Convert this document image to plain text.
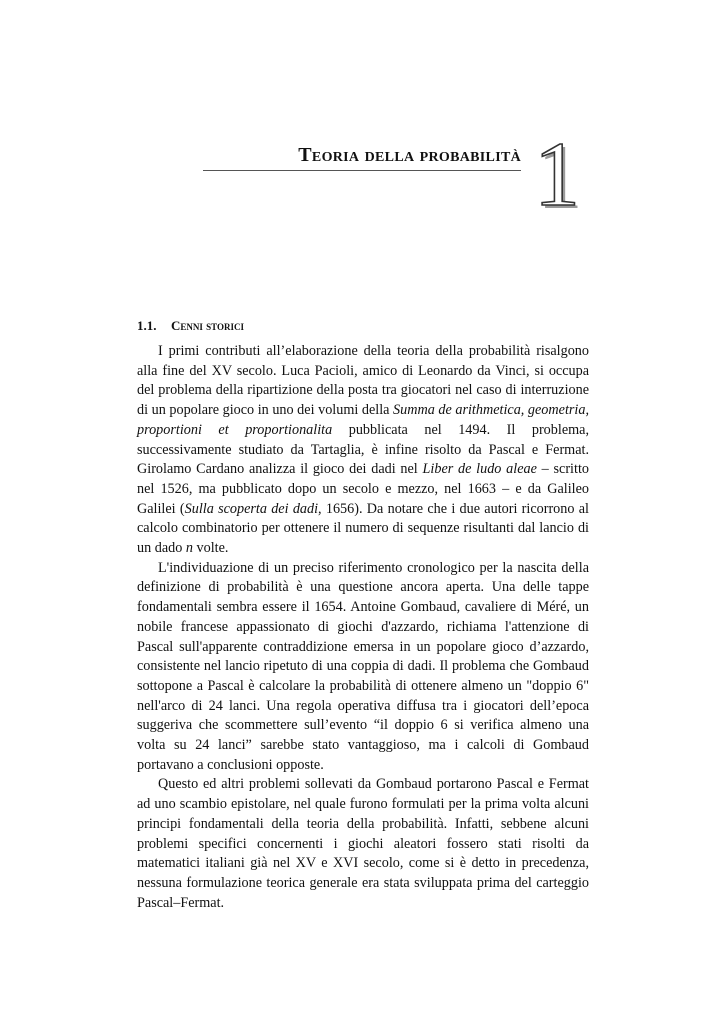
Teoria della probabilità 1
1.1. Cenni storici

I primi contributi all’elaborazione della teoria della probabilità risalgono alla fine del XV secolo. Luca Pacioli, amico di Leonardo da Vinci, si occupa del problema della ripartizione della posta tra giocatori nel caso di interruzione di un popolare gioco in uno dei volumi della Summa de arithmetica, geometria, proportioni et proportionalita pubblicata nel 1494. Il problema, successivamente studiato da Tartaglia, è infine risolto da Pascal e Fermat. Girolamo Cardano analizza il gioco dei dadi nel Liber de ludo aleae – scritto nel 1526, ma pubblicato dopo un secolo e mezzo, nel 1663 – e da Galileo Galilei (Sulla scoperta dei dadi, 1656). Da notare che i due autori ricorrono al calcolo combinatorio per ottenere il numero di sequenze risultanti dal lancio di un dado n volte.

L'individuazione di un preciso riferimento cronologico per la nascita della definizione di probabilità è una questione ancora aperta. Una delle tappe fondamentali sembra essere il 1654. Antoine Gombaud, cavaliere di Méré, un nobile francese appassionato di giochi d'azzardo, richiama l'attenzione di Pascal sull'apparente contraddizione emersa in un popolare gioco d’azzardo, consistente nel lancio ripetuto di una coppia di dadi. Il problema che Gombaud sottopone a Pascal è calcolare la probabilità di ottenere almeno un "doppio 6" nell'arco di 24 lanci. Una regola operativa diffusa tra i giocatori dell’epoca suggeriva che scommettere sull’evento “il doppio 6 si verifica almeno una volta su 24 lanci” sarebbe stato vantaggioso, ma i calcoli di Gombaud portavano a conclusioni opposte.

Questo ed altri problemi sollevati da Gombaud portarono Pascal e Fermat ad uno scambio epistolare, nel quale furono formulati per la prima volta alcuni principi fondamentali della teoria della probabilità. Infatti, sebbene alcuni problemi specifici concernenti i giochi aleatori fossero stati risolti da matematici italiani già nel XV e XVI secolo, come si è detto in precedenza, nessuna formulazione teorica generale era stata sviluppata prima del carteggio Pascal–Fermat.
